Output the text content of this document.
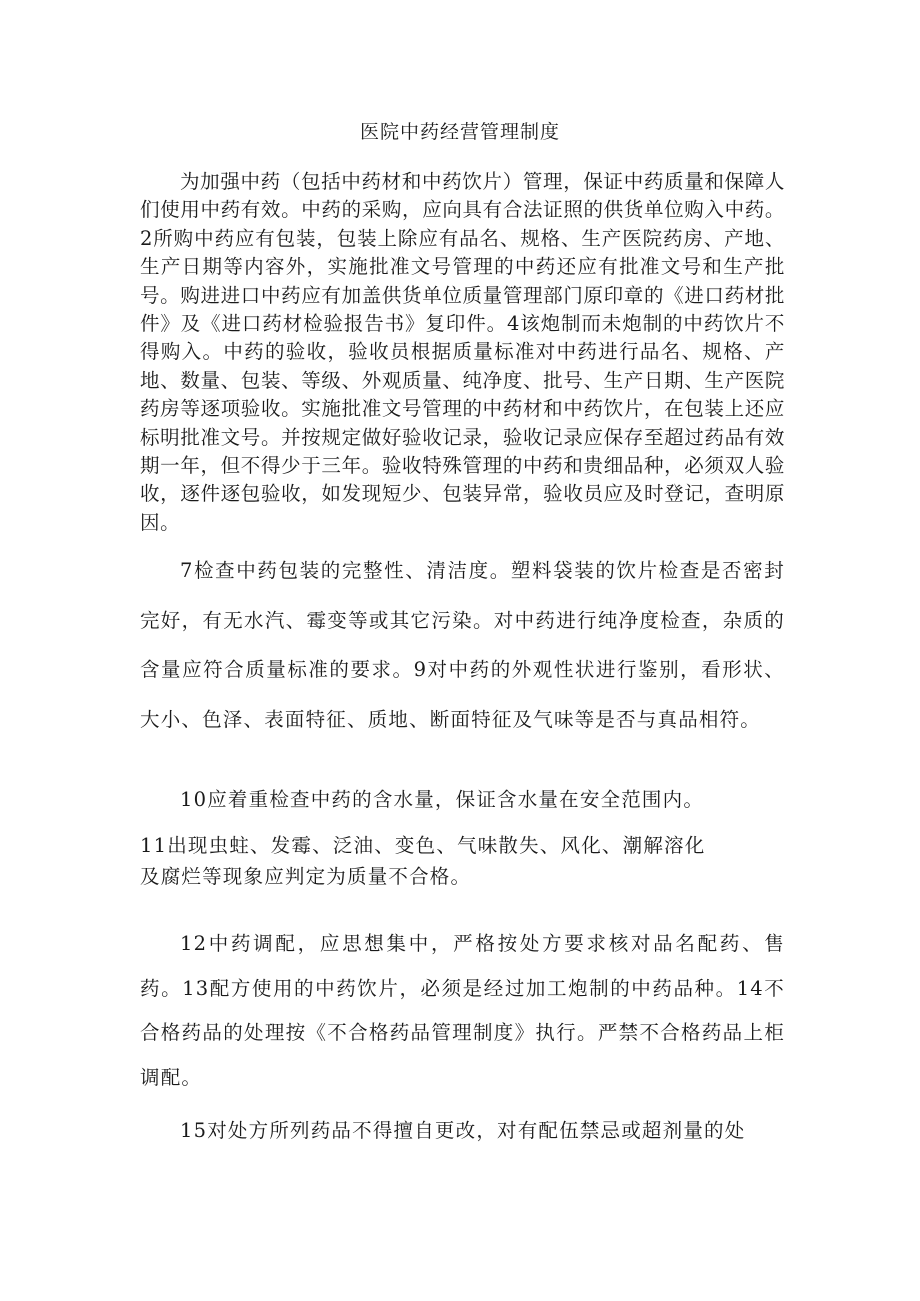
医院中药经营管理制度

为加强中药（包括中药材和中药饮片）管理，保证中药质量和保障人们使用中药有效。中药的采购，应向具有合法证照的供货单位购入中药。2所购中药应有包装，包装上除应有品名、规格、生产医院药房、产地、生产日期等内容外，实施批准文号管理的中药还应有批准文号和生产批号。购进进口中药应有加盖供货单位质量管理部门原印章的《进口药材批件》及《进口药材检验报告书》复印件。4该炮制而未炮制的中药饮片不得购入。中药的验收，验收员根据质量标准对中药进行品名、规格、产地、数量、包装、等级、外观质量、纯净度、批号、生产日期、生产医院药房等逐项验收。实施批准文号管理的中药材和中药饮片，在包装上还应标明批准文号。并按规定做好验收记录，验收记录应保存至超过药品有效期一年，但不得少于三年。验收特殊管理的中药和贵细品种，必须双人验收，逐件逐包验收，如发现短少、包装异常，验收员应及时登记，查明原因。

7检查中药包装的完整性、清洁度。塑料袋装的饮片检查是否密封完好，有无水汽、霉变等或其它污染。对中药进行纯净度检查，杂质的含量应符合质量标准的要求。9对中药的外观性状进行鉴别，看形状、大小、色泽、表面特征、质地、断面特征及气味等是否与真品相符。

10应着重检查中药的含水量，保证含水量在安全范围内。

11出现虫蛀、发霉、泛油、变色、气味散失、风化、潮解溶化
及腐烂等现象应判定为质量不合格。

12中药调配，应思想集中，严格按处方要求核对品名配药、售药。13配方使用的中药饮片，必须是经过加工炮制的中药品种。14不合格药品的处理按《不合格药品管理制度》执行。严禁不合格药品上柜调配。

15对处方所列药品不得擅自更改，对有配伍禁忌或超剂量的处
